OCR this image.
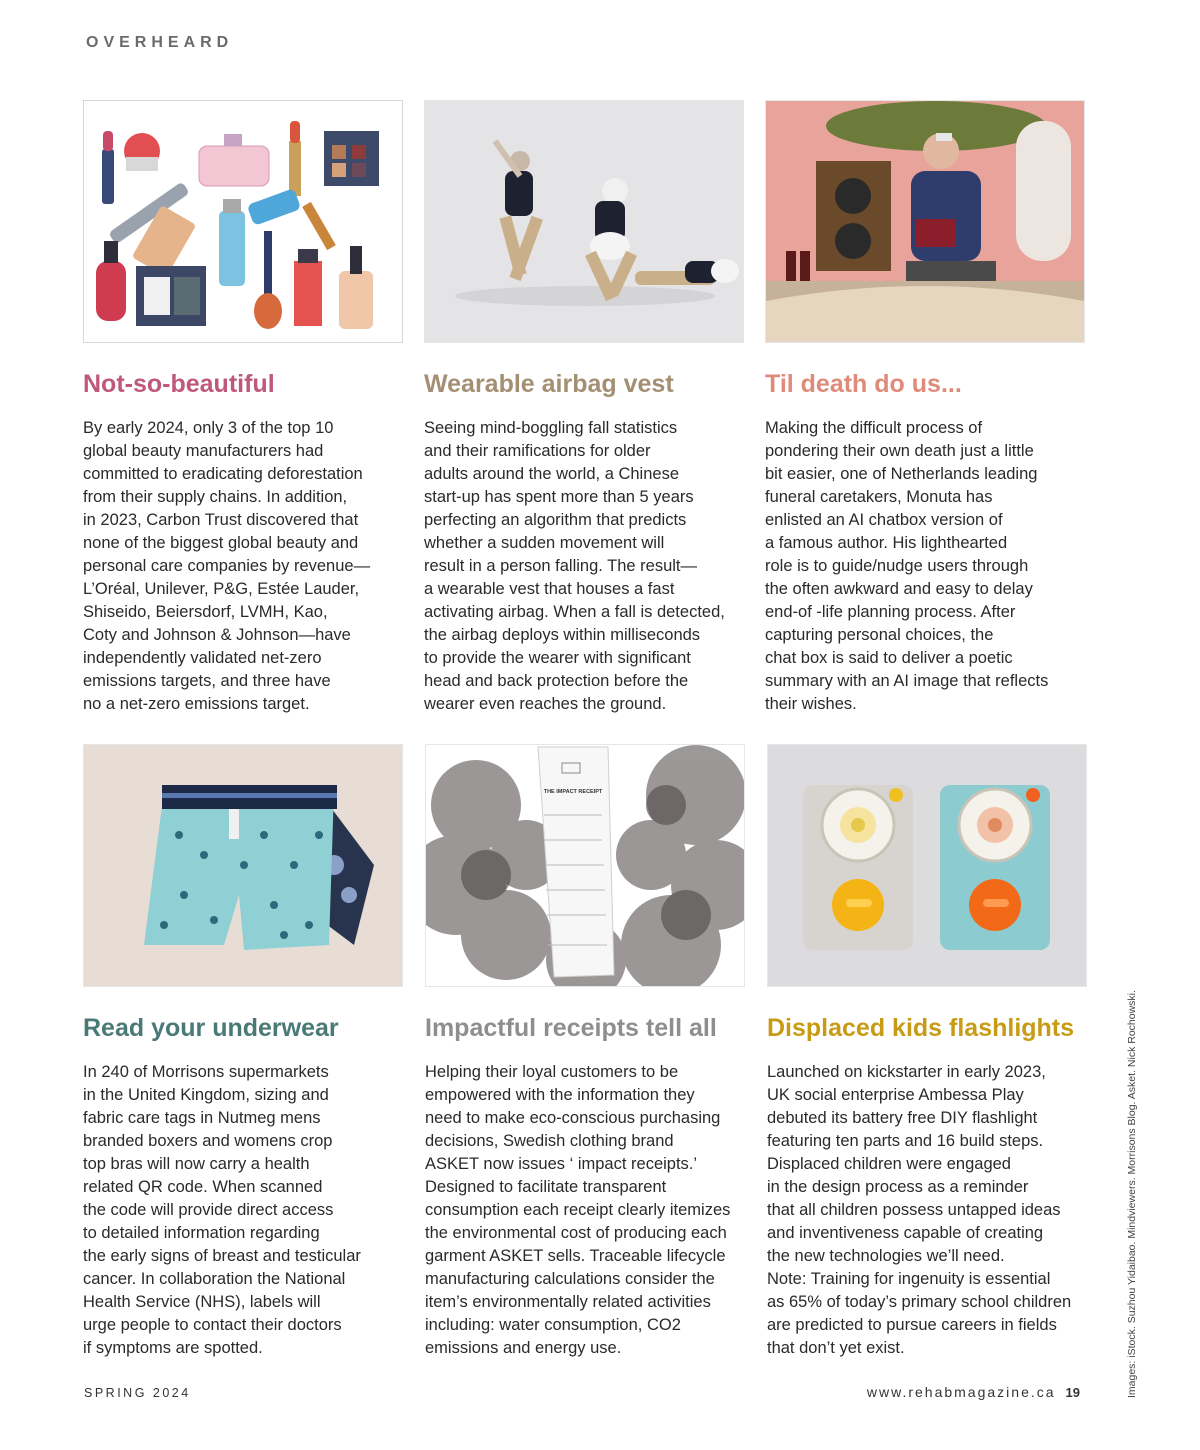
OVERHEARD
Not-so-beautiful
By early 2024, only 3 of the top 10
global beauty manufacturers had
committed to eradicating deforestation
from their supply chains. In addition,
in 2023, Carbon Trust discovered that
none of the biggest global beauty and
personal care companies by revenue—
L’Oréal, Unilever, P&G, Estée Lauder,
Shiseido, Beiersdorf, LVMH, Kao,
Coty and Johnson & Johnson—have
independently validated net-zero
emissions targets, and three have
no a net-zero emissions target.
Wearable airbag vest
Seeing mind-boggling fall statistics
and their ramifications for older
adults around the world, a Chinese
start-up has spent more than 5 years
perfecting an algorithm that predicts
whether a sudden movement will
result in a person falling. The result—
a wearable vest that houses a fast
activating airbag. When a fall is detected,
the airbag deploys within milliseconds
to provide the wearer with significant
head and back protection before the
wearer even reaches the ground.
Til death do us...
Making the difficult process of
pondering their own death just a little
bit easier, one of Netherlands leading
funeral caretakers, Monuta has
enlisted an AI chatbox version of
a famous author. His lighthearted
role is to guide/nudge users through
the often awkward and easy to delay
end-of -life planning process. After
capturing personal choices, the
chat box is said to deliver a poetic
summary with an AI image that reflects
their wishes.
Read your underwear
In 240 of Morrisons supermarkets
in the United Kingdom, sizing and
fabric care tags in Nutmeg mens
branded boxers and womens crop
top bras will now carry a health
related QR code. When scanned
the code will provide direct access
to detailed information regarding
the early signs of breast and testicular
cancer. In collaboration the National
Health Service (NHS), labels will
urge people to contact their doctors
if symptoms are spotted.
THE IMPACT RECEIPT
Impactful receipts tell all
Helping their loyal customers to be
empowered with the information they
need to make eco-conscious purchasing
decisions, Swedish clothing brand
ASKET now issues ‘ impact receipts.’
Designed to facilitate transparent
consumption each receipt clearly itemizes
the environmental cost of producing each
garment ASKET sells. Traceable lifecycle
manufacturing calculations consider the
item’s environmentally related activities
including: water consumption, CO2
emissions and energy use.
Displaced kids flashlights
Launched on kickstarter in early 2023,
UK social enterprise Ambessa Play
debuted its battery free DIY flashlight
featuring ten parts and 16 build steps.
Displaced children were engaged
in the design process as a reminder
that all children possess untapped ideas
and inventiveness capable of creating
the new technologies we’ll need.
Note: Training for ingenuity is essential
as 65% of today’s primary school children
are predicted to pursue careers in fields
that don’t yet exist.
SPRING 2024	www.rehabmagazine.ca 19	Images: iStock. Suzhou Yidaibao. Mindviewers. Morrisons Blog. Asket. Nick Rochowski.
